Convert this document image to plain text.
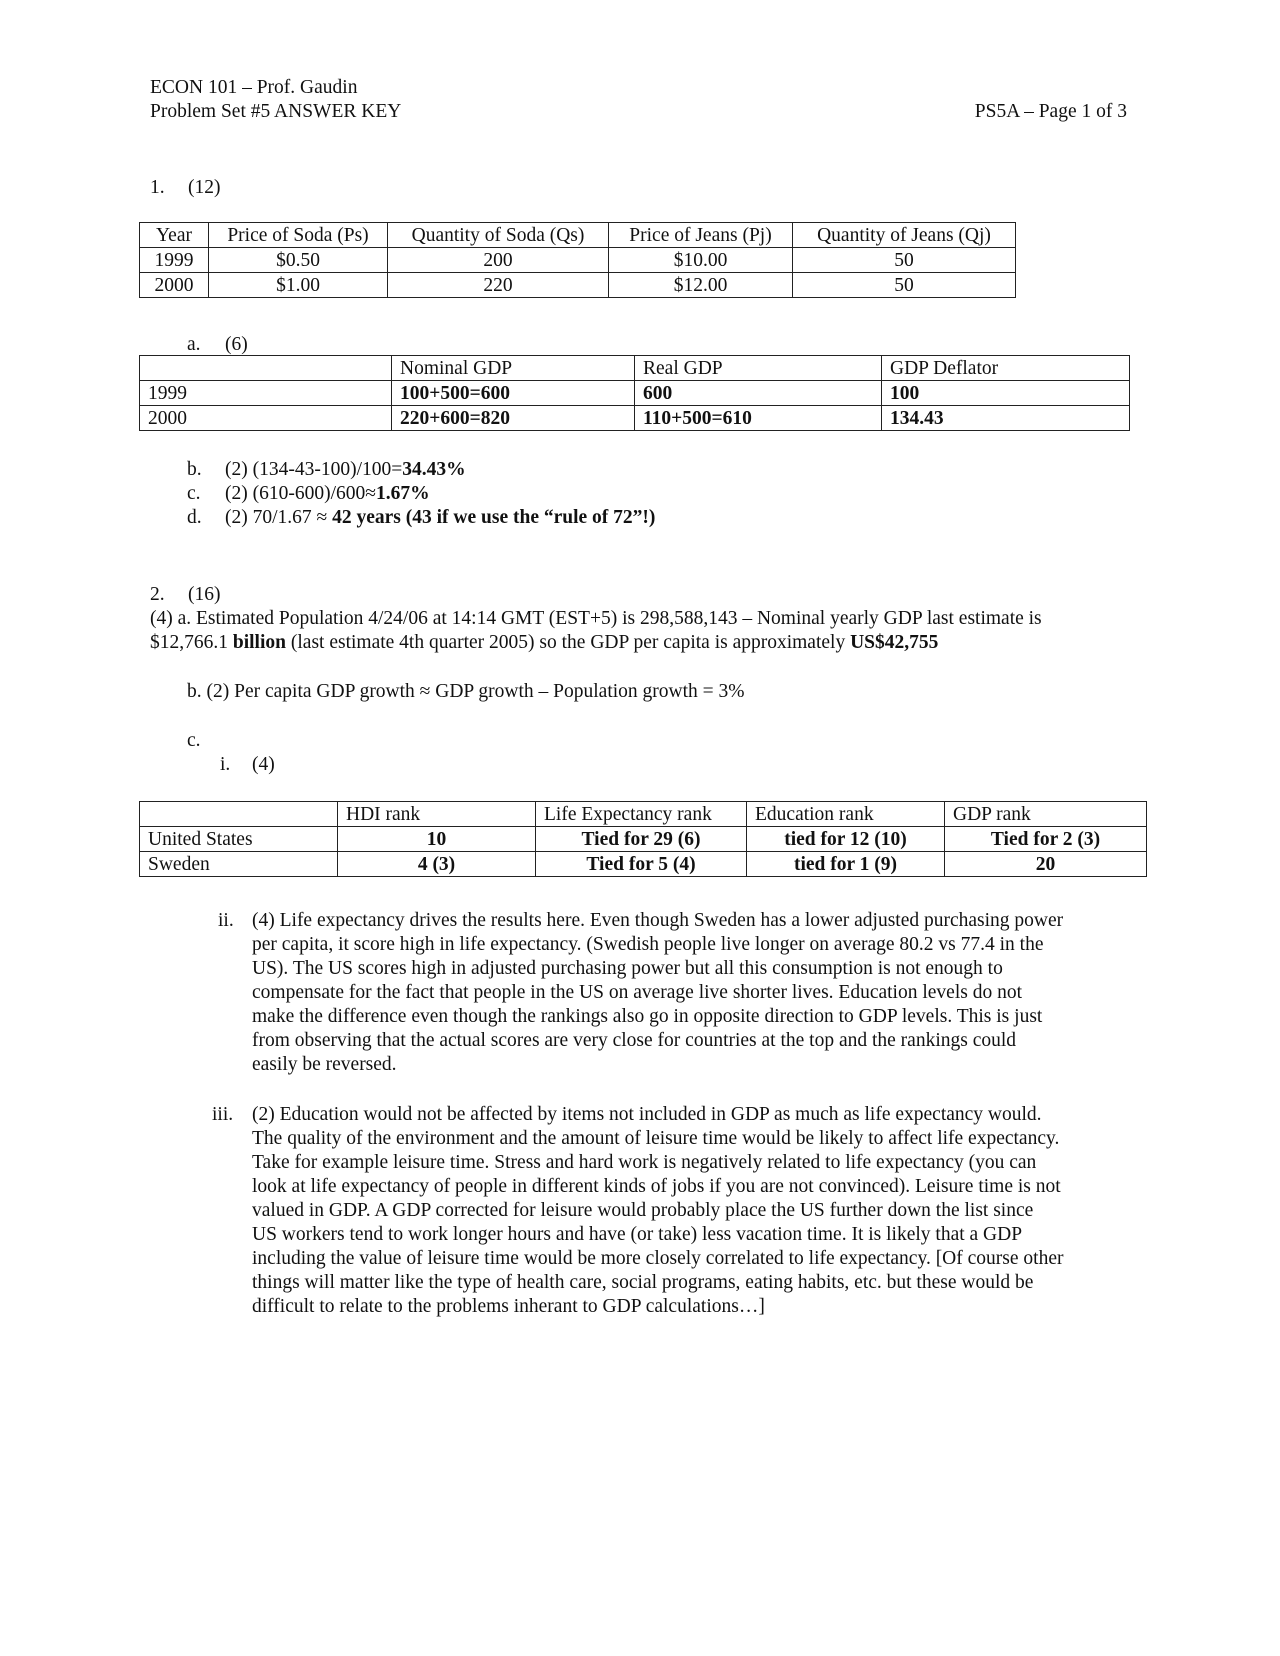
ECON 101 – Prof. Gaudin
Problem Set #5 ANSWER KEY	PS5A – Page 1 of 3
1. (12)
Year	Price of Soda (Ps)	Quantity of Soda (Qs)	Price of Jeans (Pj)	Quantity of Jeans (Qj)
1999	$0.50	200	$10.00	50
2000	$1.00	220	$12.00	50
a. (6)
	Nominal GDP	Real GDP	GDP Deflator
1999	100+500=600	600	100
2000	220+600=820	110+500=610	134.43
b. (2) (134-43-100)/100=34.43%
c. (2) (610-600)/600≈1.67%
d. (2) 70/1.67 ≈ 42 years (43 if we use the “rule of 72”!)
2. (16)
(4) a. Estimated Population 4/24/06 at 14:14 GMT (EST+5) is 298,588,143 – Nominal yearly GDP last estimate is
$12,766.1 billion (last estimate 4th quarter 2005) so the GDP per capita is approximately US$42,755
b. (2) Per capita GDP growth ≈ GDP growth – Population growth = 3%
c.
i. (4)
	HDI rank	Life Expectancy rank	Education rank	GDP rank
United States	10	Tied for 29 (6)	tied for 12 (10)	Tied for 2 (3)
Sweden	4 (3)	Tied for 5 (4)	tied for 1 (9)	20
ii. (4) Life expectancy drives the results here. Even though Sweden has a lower adjusted purchasing power
per capita, it score high in life expectancy. (Swedish people live longer on average 80.2 vs 77.4 in the
US). The US scores high in adjusted purchasing power but all this consumption is not enough to
compensate for the fact that people in the US on average live shorter lives. Education levels do not
make the difference even though the rankings also go in opposite direction to GDP levels. This is just
from observing that the actual scores are very close for countries at the top and the rankings could
easily be reversed.
iii. (2) Education would not be affected by items not included in GDP as much as life expectancy would.
The quality of the environment and the amount of leisure time would be likely to affect life expectancy.
Take for example leisure time. Stress and hard work is negatively related to life expectancy (you can
look at life expectancy of people in different kinds of jobs if you are not convinced). Leisure time is not
valued in GDP. A GDP corrected for leisure would probably place the US further down the list since
US workers tend to work longer hours and have (or take) less vacation time. It is likely that a GDP
including the value of leisure time would be more closely correlated to life expectancy. [Of course other
things will matter like the type of health care, social programs, eating habits, etc. but these would be
difficult to relate to the problems inherant to GDP calculations…]
